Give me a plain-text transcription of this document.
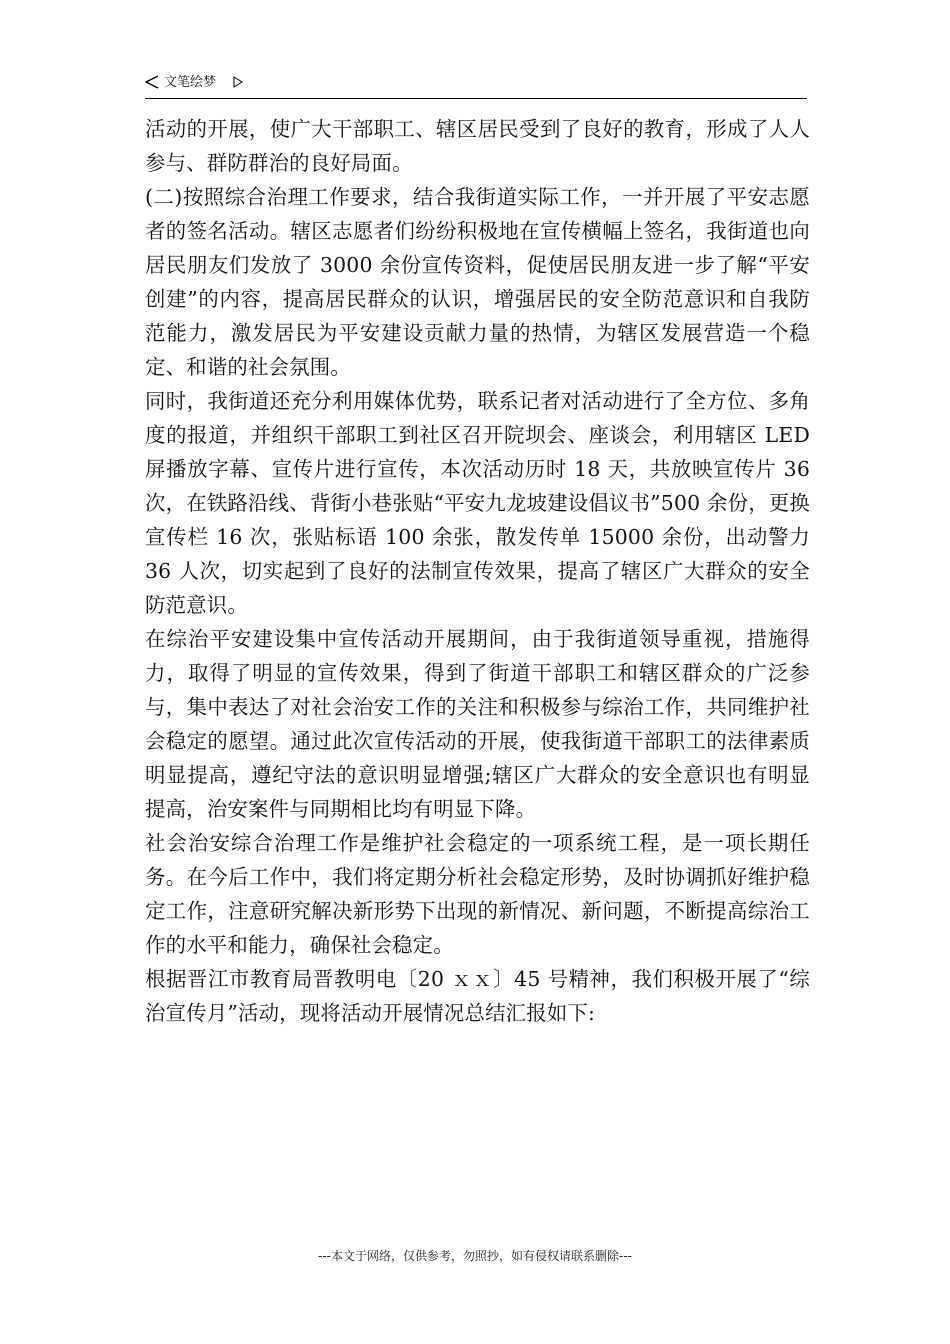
文笔绘梦

活动的开展，使广大干部职工、辖区居民受到了良好的教育，形成了人人参与、群防群治的良好局面。

(二)按照综合治理工作要求，结合我街道实际工作，一并开展了平安志愿者的签名活动。辖区志愿者们纷纷积极地在宣传横幅上签名，我街道也向居民朋友们发放了 3000 余份宣传资料，促使居民朋友进一步了解“平安创建”的内容，提高居民群众的认识，增强居民的安全防范意识和自我防范能力，激发居民为平安建设贡献力量的热情，为辖区发展营造一个稳定、和谐的社会氛围。

同时，我街道还充分利用媒体优势，联系记者对活动进行了全方位、多角度的报道，并组织干部职工到社区召开院坝会、座谈会，利用辖区 LED 屏播放字幕、宣传片进行宣传，本次活动历时 18 天，共放映宣传片 36 次，在铁路沿线、背街小巷张贴“平安九龙坡建设倡议书”500 余份，更换宣传栏 16 次，张贴标语 100 余张，散发传单 15000 余份，出动警力 36 人次，切实起到了良好的法制宣传效果，提高了辖区广大群众的安全防范意识。

在综治平安建设集中宣传活动开展期间，由于我街道领导重视，措施得力，取得了明显的宣传效果，得到了街道干部职工和辖区群众的广泛参与，集中表达了对社会治安工作的关注和积极参与综治工作，共同维护社会稳定的愿望。通过此次宣传活动的开展，使我街道干部职工的法律素质明显提高，遵纪守法的意识明显增强;辖区广大群众的安全意识也有明显提高，治安案件与同期相比均有明显下降。

社会治安综合治理工作是维护社会稳定的一项系统工程，是一项长期任务。在今后工作中，我们将定期分析社会稳定形势，及时协调抓好维护稳定工作，注意研究解决新形势下出现的新情况、新问题，不断提高综治工作的水平和能力，确保社会稳定。

根据晋江市教育局晋教明电〔20 ｘｘ〕45 号精神，我们积极开展了“综治宣传月”活动，现将活动开展情况总结汇报如下:

---本文于网络，仅供参考，勿照抄，如有侵权请联系删除---
